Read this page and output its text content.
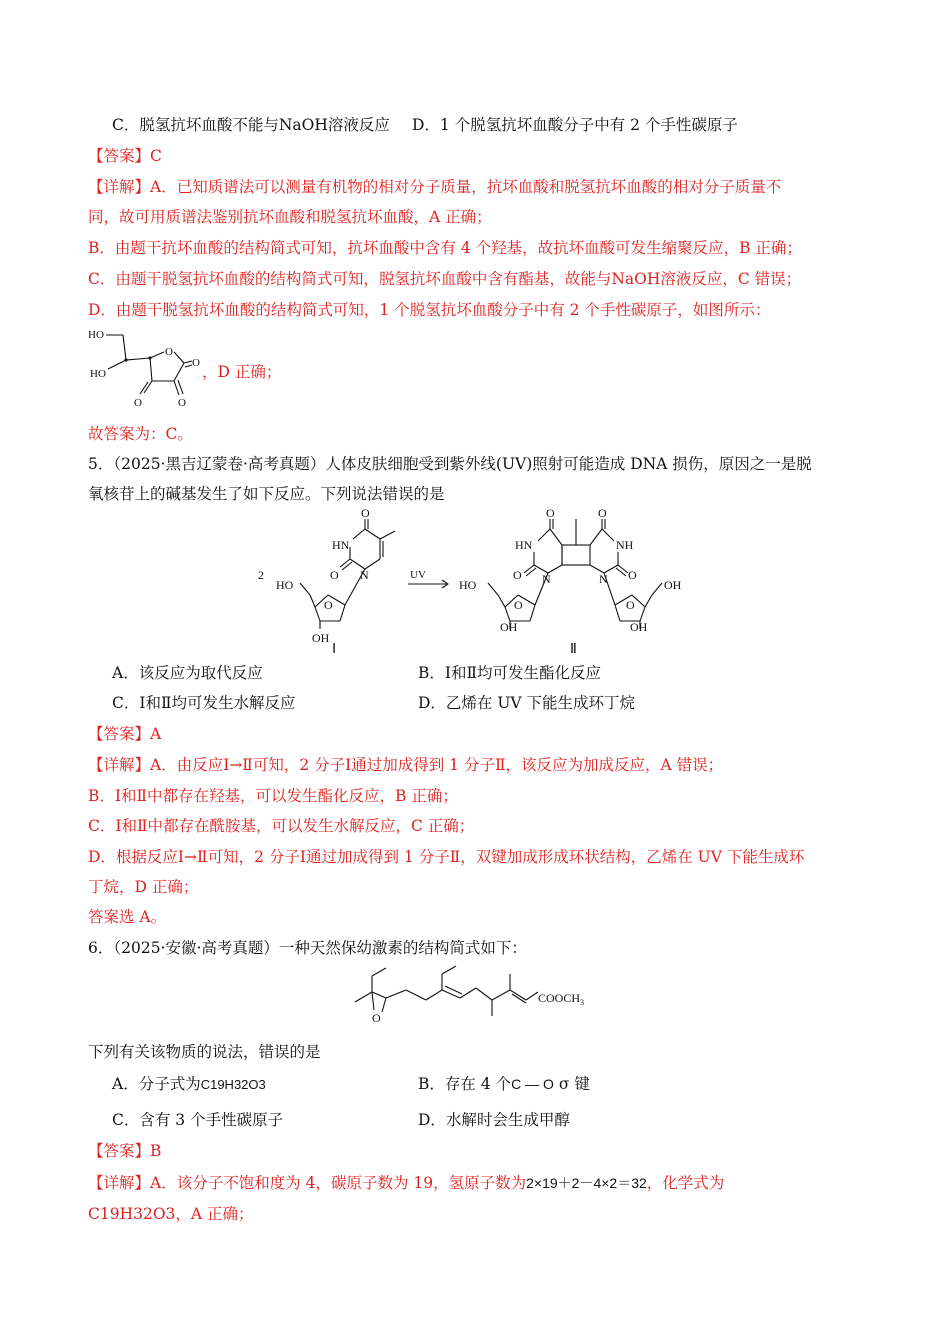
C．脱氢抗坏血酸不能与NaOH溶液反应 D．1 个脱氢抗坏血酸分子中有 2 个手性碳原子
【答案】C
【详解】A．已知质谱法可以测量有机物的相对分子质量，抗坏血酸和脱氢抗坏血酸的相对分子质量不
同，故可用质谱法鉴别抗坏血酸和脱氢抗坏血酸，A 正确；
B．由题干抗坏血酸的结构简式可知，抗坏血酸中含有 4 个羟基，故抗坏血酸可发生缩聚反应，B 正确；
C．由题干脱氢抗坏血酸的结构简式可知，脱氢抗坏血酸中含有酯基，故能与NaOH溶液反应，C 错误；
D．由题干脱氢抗坏血酸的结构简式可知，1 个脱氢抗坏血酸分子中有 2 个手性碳原子，如图所示：
HO
HO
O
O
O
O
，D 正确；
故答案为：C。
5．（2025·黑吉辽蒙卷·高考真题）人体皮肤细胞受到紫外线(UV)照射可能造成 DNA 损伤，原因之一是脱
氧核苷上的碱基发生了如下反应。下列说法错误的是
2
O
HN
O N
HO
O
OH
Ⅰ
UV
O
HN
O N
O
NH
O
N
HO
O
OH
O
OH
OH
Ⅱ
A．该反应为取代反应	B．Ⅰ和Ⅱ均可发生酯化反应
C．Ⅰ和Ⅱ均可发生水解反应	D．乙烯在 UV 下能生成环丁烷
【答案】A
【详解】A．由反应Ⅰ→Ⅱ可知，2 分子Ⅰ通过加成得到 1 分子Ⅱ，该反应为加成反应，A 错误；
B．Ⅰ和Ⅱ中都存在羟基，可以发生酯化反应，B 正确；
C．Ⅰ和Ⅱ中都存在酰胺基，可以发生水解反应，C 正确；
D．根据反应Ⅰ→Ⅱ可知，2 分子Ⅰ通过加成得到 1 分子Ⅱ，双键加成形成环状结构，乙烯在 UV 下能生成环
丁烷，D 正确；
答案选 A。
6．（2025·安徽·高考真题）一种天然保幼激素的结构简式如下：
O
$COOCH_3$
下列有关该物质的说法，错误的是
A．分子式为C19H32O3	B．存在 4 个C — O σ 键
C．含有 3 个手性碳原子	D．水解时会生成甲醇
【答案】B
【详解】A．该分子不饱和度为 4，碳原子数为 19，氢原子数为2×19＋2－4×2＝32，化学式为
C19H32O3，A 正确；
